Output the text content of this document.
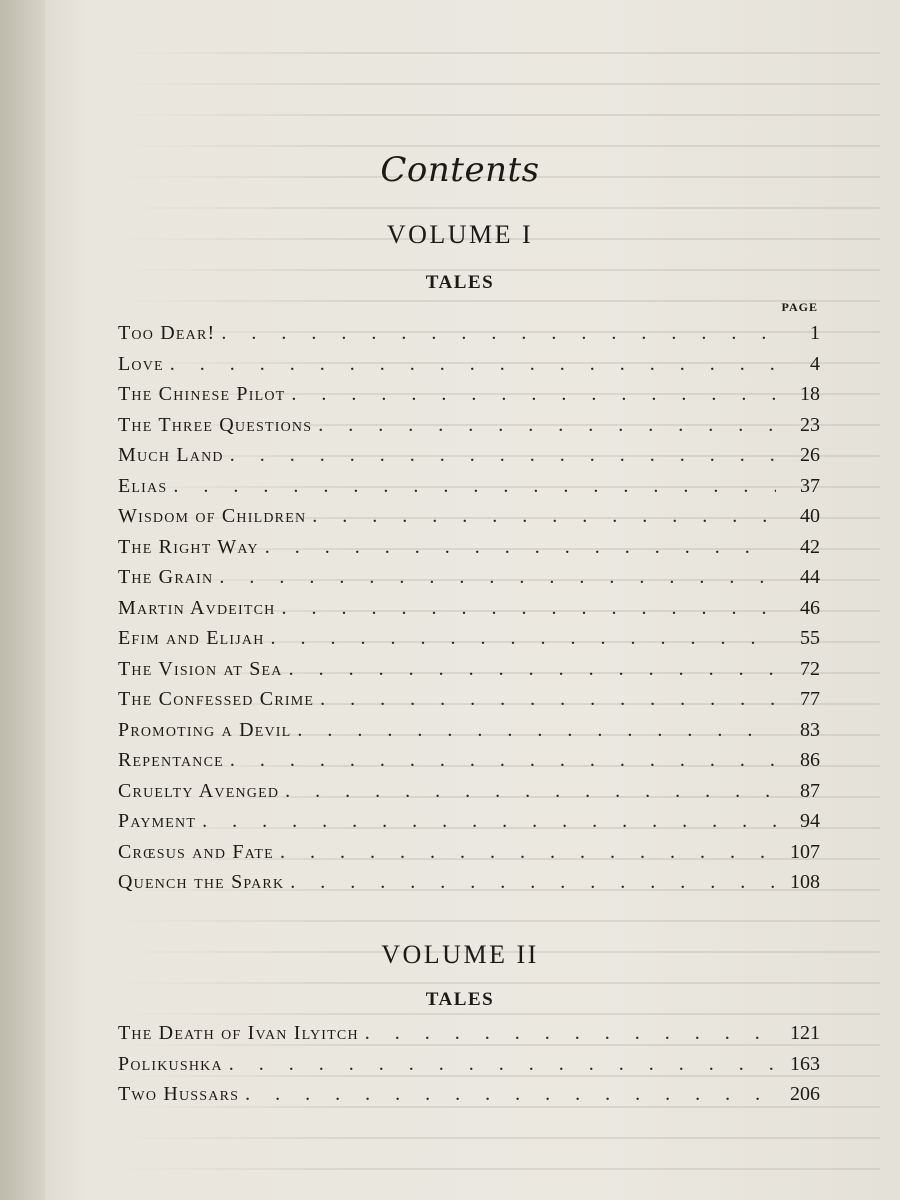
Contents
VOLUME I
TALES
PAGE
Too Dear! . . .	1
Love . . .	4
The Chinese Pilot . . .	18
The Three Questions . . .	23
Much Land . . .	26
Elias . . .	37
Wisdom of Children . . .	40
The Right Way . . .	42
The Grain . . .	44
Martin Avdeitch . . .	46
Efim and Elijah . . .	55
The Vision at Sea . . .	72
The Confessed Crime . . .	77
Promoting a Devil . . .	83
Repentance . . .	86
Cruelty Avenged . . .	87
Payment . . .	94
Crœsus and Fate . . .	107
Quench the Spark . . .	108
VOLUME II
TALES
The Death of Ivan Ilyitch . . .	121
Polikushka . . .	163
Two Hussars . . .	206
